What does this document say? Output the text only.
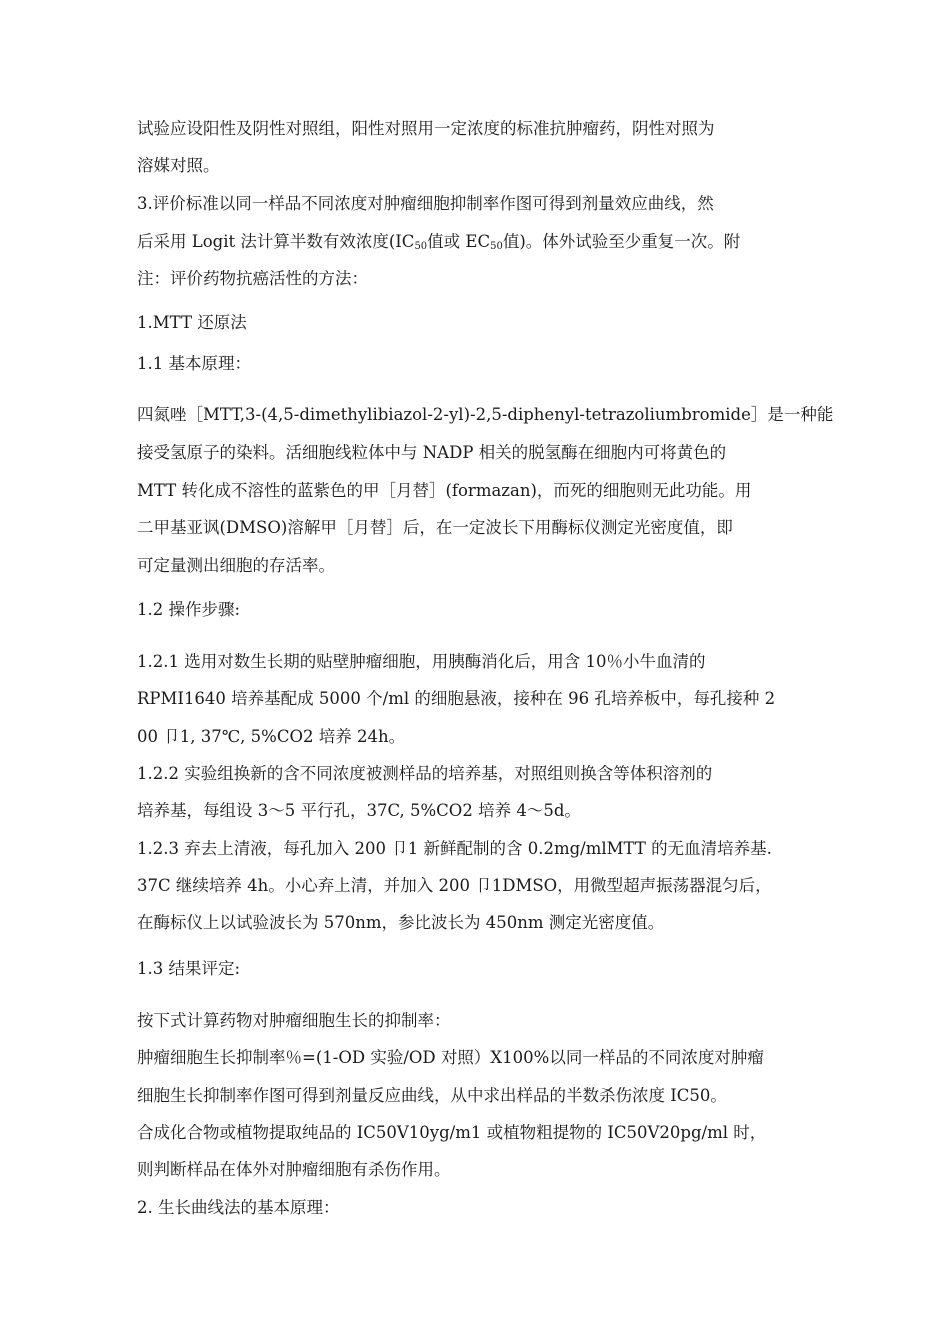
试验应设阳性及阴性对照组，阳性对照用一定浓度的标准抗肿瘤药，阴性对照为
溶媒对照。
3.评价标准以同一样品不同浓度对肿瘤细胞抑制率作图可得到剂量效应曲线，然
后采用 Logit 法计算半数有效浓度($IC_{50}$值或 $EC_{50}$值)。体外试验至少重复一次。附
注：评价药物抗癌活性的方法：
1.MTT 还原法
1.1 基本原理：
四氮唑［MTT,3-(4,5-dimethylibiazol-2-yl)-2,5-diphenyl-tetrazoliumbromide］是一种能
接受氢原子的染料。活细胞线粒体中与 NADP 相关的脱氢酶在细胞内可将黄色的
MTT 转化成不溶性的蓝紫色的甲［月替］(formazan)，而死的细胞则无此功能。用
二甲基亚讽(DMSO)溶解甲［月替］后，在一定波长下用酶标仪测定光密度值，即
可定量测出细胞的存活率。
1.2 操作步骤:
1.2.1 选用对数生长期的贴壁肿瘤细胞，用胰酶消化后，用含 10％小牛血清的
RPMI1640 培养基配成 5000 个/ml 的细胞悬液，接种在 96 孔培养板中，每孔接种 2
00 卩1, 37℃, 5%CO2 培养 24h。
1.2.2 实验组换新的含不同浓度被测样品的培养基，对照组则换含等体积溶剂的
培养基，每组设 3〜5 平行孔，37C, 5%CO2 培养 4〜5d。
1.2.3 弃去上清液，每孔加入 200 卩1 新鲜配制的含 0.2mg/mlMTT 的无血清培养基.
37C 继续培养 4h。小心弃上清，并加入 200 卩1DMSO，用微型超声振荡器混匀后，
在酶标仪上以试验波长为 570nm，参比波长为 450nm 测定光密度值。
1.3 结果评定:
按下式计算药物对肿瘤细胞生长的抑制率：
肿瘤细胞生长抑制率％=(1-OD 实验/OD 对照）X100%以同一样品的不同浓度对肿瘤
细胞生长抑制率作图可得到剂量反应曲线，从中求出样品的半数杀伤浓度 IC50。
合成化合物或植物提取纯品的 IC50V10yg/m1 或植物粗提物的 IC50V20pg/ml 时，
则判断样品在体外对肿瘤细胞有杀伤作用。
2. 生长曲线法的基本原理：
